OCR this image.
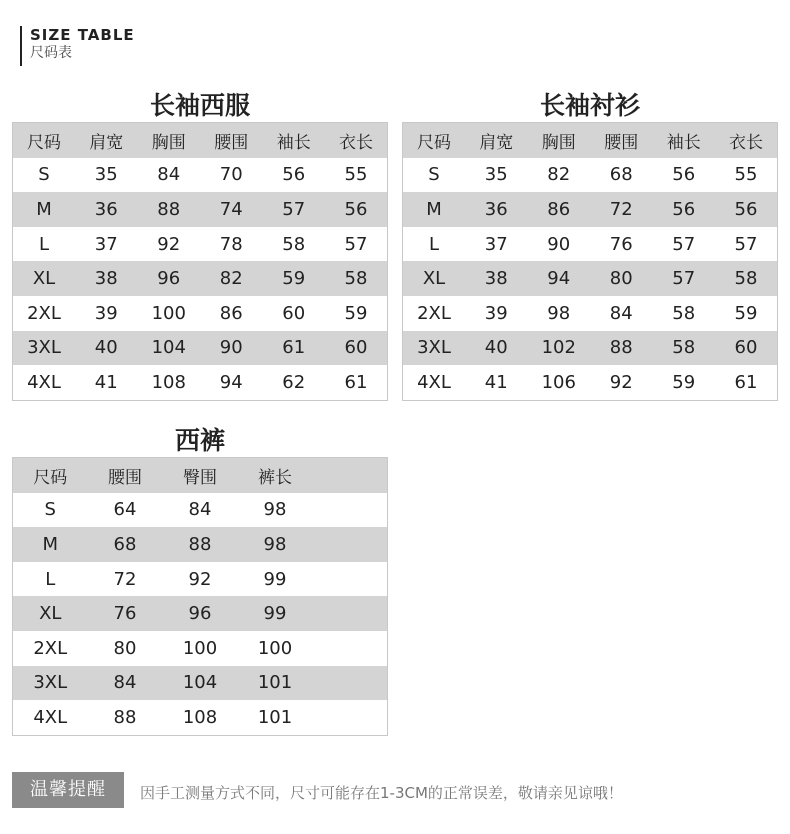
SIZE TABLE
尺码表
长袖西服
尺码	肩宽	胸围	腰围	袖长	衣长
S	35	84	70	56	55
M	36	88	74	57	56
L	37	92	78	58	57
XL	38	96	82	59	58
2XL	39	100	86	60	59
3XL	40	104	90	61	60
4XL	41	108	94	62	61
长袖衬衫
尺码	肩宽	胸围	腰围	袖长	衣长
S	35	82	68	56	55
M	36	86	72	56	56
L	37	90	76	57	57
XL	38	94	80	57	58
2XL	39	98	84	58	59
3XL	40	102	88	58	60
4XL	41	106	92	59	61
西裤
尺码	腰围	臀围	裤长	
S	64	84	98	
M	68	88	98	
L	72	92	99	
XL	76	96	99	
2XL	80	100	100	
3XL	84	104	101	
4XL	88	108	101	
温馨提醒	因手工测量方式不同，尺寸可能存在1-3CM的正常误差，敬请亲见谅哦！
